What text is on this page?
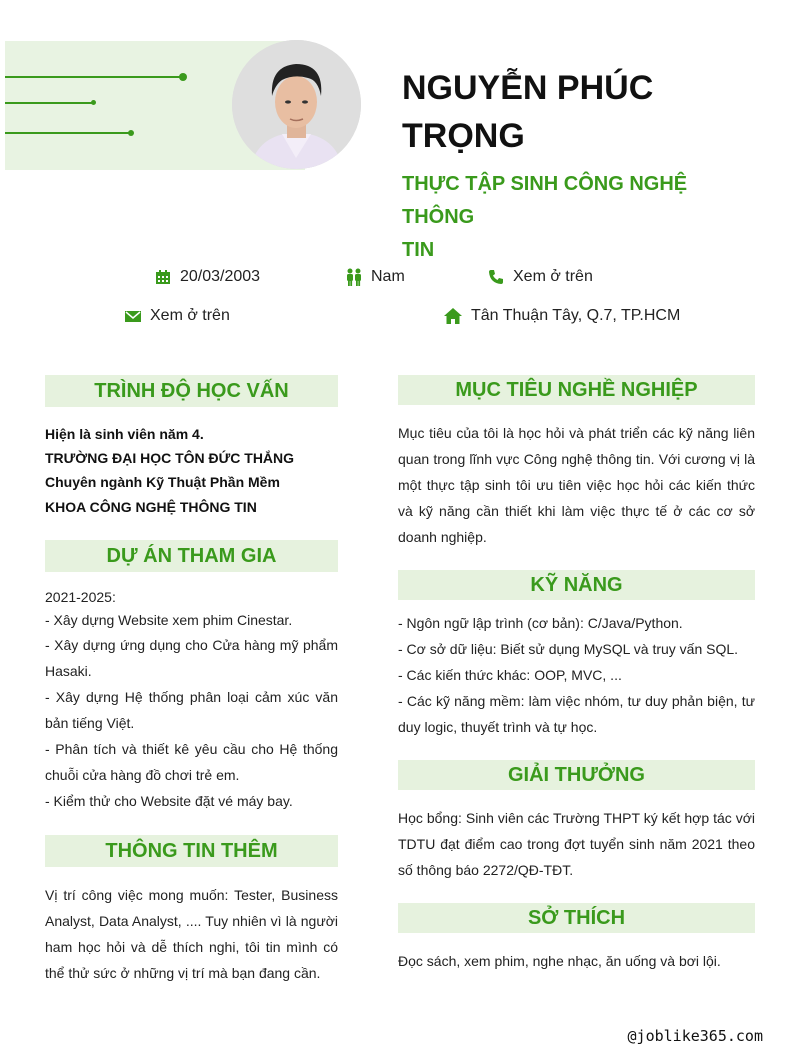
NGUYỄN PHÚC
TRỌNG
THỰC TẬP SINH CÔNG NGHỆ THÔNG
TIN
20/03/2003	Nam	Xem ở trên
Xem ở trên	Tân Thuận Tây, Q.7, TP.HCM
TRÌNH ĐỘ HỌC VẤN
Hiện là sinh viên năm 4.
TRƯỜNG ĐẠI HỌC TÔN ĐỨC THẮNG
Chuyên ngành Kỹ Thuật Phần Mềm
KHOA CÔNG NGHỆ THÔNG TIN
DỰ ÁN THAM GIA
2021-2025:
- Xây dựng Website xem phim Cinestar.
- Xây dựng ứng dụng cho Cửa hàng mỹ phẩm Hasaki.
- Xây dựng Hệ thống phân loại cảm xúc văn bản tiếng Việt.
- Phân tích và thiết kê yêu cầu cho Hệ thống chuỗi cửa hàng đồ chơi trẻ em.
- Kiểm thử cho Website đặt vé máy bay.
THÔNG TIN THÊM
Vị trí công việc mong muốn: Tester, Business Analyst, Data Analyst, .... Tuy nhiên vì là người ham học hỏi và dễ thích nghi, tôi tin mình có thể thử sức ở những vị trí mà bạn đang cần.
MỤC TIÊU NGHỀ NGHIỆP
Mục tiêu của tôi là học hỏi và phát triển các kỹ năng liên quan trong lĩnh vực Công nghệ thông tin. Với cương vị là một thực tập sinh tôi ưu tiên việc học hỏi các kiến thức và kỹ năng cần thiết khi làm việc thực tế ở các cơ sở doanh nghiệp.
KỸ NĂNG
- Ngôn ngữ lập trình (cơ bản): C/Java/Python.
- Cơ sở dữ liệu: Biết sử dụng MySQL và truy vấn SQL.
- Các kiến thức khác: OOP, MVC, ...
- Các kỹ năng mềm: làm việc nhóm, tư duy phản biện, tư duy logic, thuyết trình và tự học.
GIẢI THƯỞNG
Học bổng: Sinh viên các Trường THPT ký kết hợp tác với TDTU đạt điểm cao trong đợt tuyển sinh năm 2021 theo số thông báo 2272/QĐ-TĐT.
SỞ THÍCH
Đọc sách, xem phim, nghe nhạc, ăn uống và bơi lội.
@joblike365.com
